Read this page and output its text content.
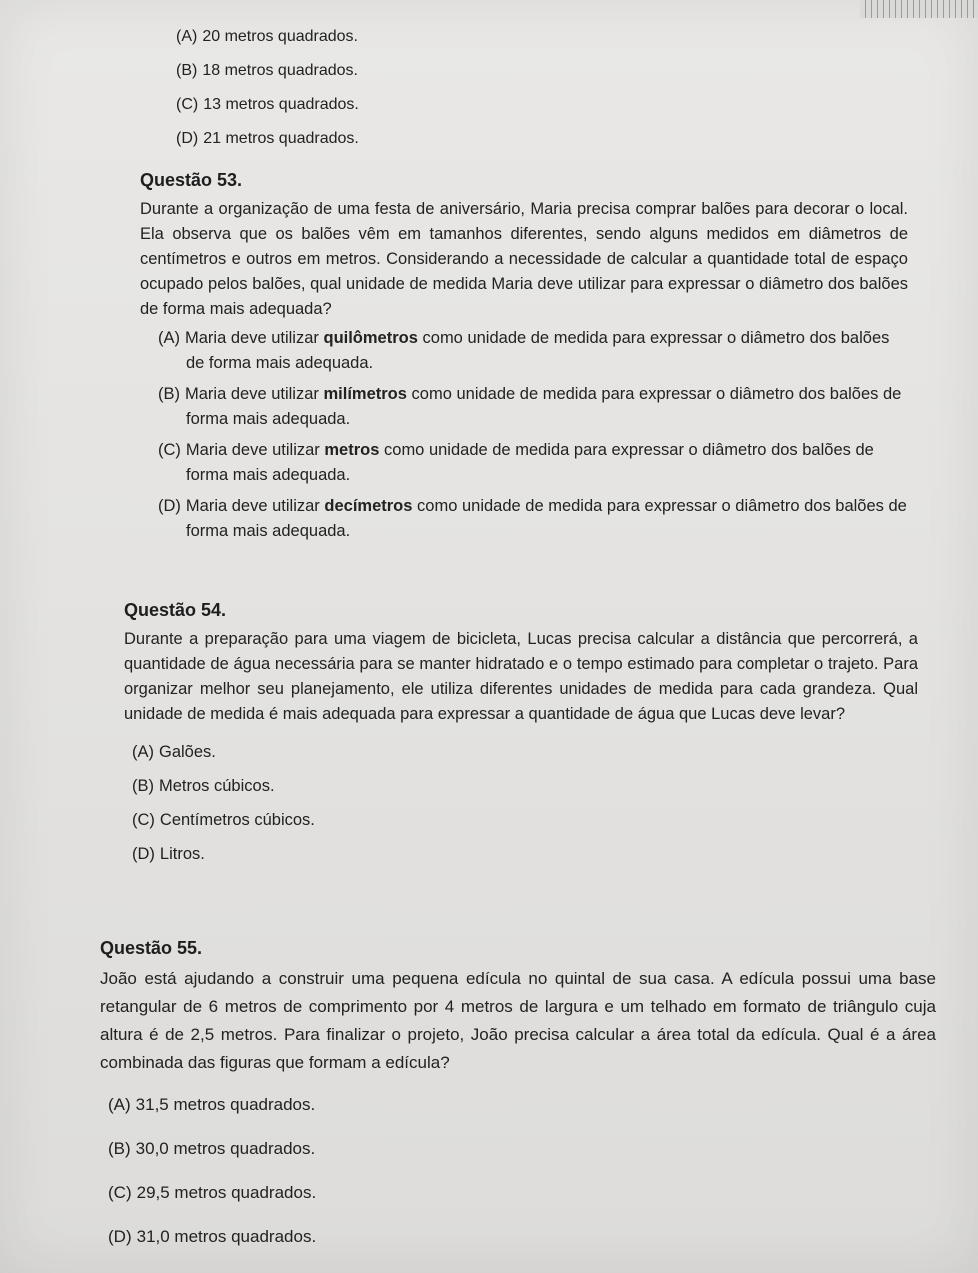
(A) 20 metros quadrados.

(B) 18 metros quadrados.

(C) 13 metros quadrados.

(D) 21 metros quadrados.

Questão 53.

Durante a organização de uma festa de aniversário, Maria precisa comprar balões para decorar o local. Ela observa que os balões vêm em tamanhos diferentes, sendo alguns medidos em diâmetros de centímetros e outros em metros. Considerando a necessidade de calcular a quantidade total de espaço ocupado pelos balões, qual unidade de medida Maria deve utilizar para expressar o diâmetro dos balões de forma mais adequada?

(A) Maria deve utilizar quilômetros como unidade de medida para expressar o diâmetro dos balões de forma mais adequada.

(B) Maria deve utilizar milímetros como unidade de medida para expressar o diâmetro dos balões de forma mais adequada.

(C) Maria deve utilizar metros como unidade de medida para expressar o diâmetro dos balões de forma mais adequada.

(D) Maria deve utilizar decímetros como unidade de medida para expressar o diâmetro dos balões de forma mais adequada.

Questão 54.

Durante a preparação para uma viagem de bicicleta, Lucas precisa calcular a distância que percorrerá, a quantidade de água necessária para se manter hidratado e o tempo estimado para completar o trajeto. Para organizar melhor seu planejamento, ele utiliza diferentes unidades de medida para cada grandeza. Qual unidade de medida é mais adequada para expressar a quantidade de água que Lucas deve levar?

(A) Galões.

(B) Metros cúbicos.

(C) Centímetros cúbicos.

(D) Litros.

Questão 55.

João está ajudando a construir uma pequena edícula no quintal de sua casa. A edícula possui uma base retangular de 6 metros de comprimento por 4 metros de largura e um telhado em formato de triângulo cuja altura é de 2,5 metros. Para finalizar o projeto, João precisa calcular a área total da edícula. Qual é a área combinada das figuras que formam a edícula?

(A) 31,5 metros quadrados.

(B) 30,0 metros quadrados.

(C) 29,5 metros quadrados.

(D) 31,0 metros quadrados.
